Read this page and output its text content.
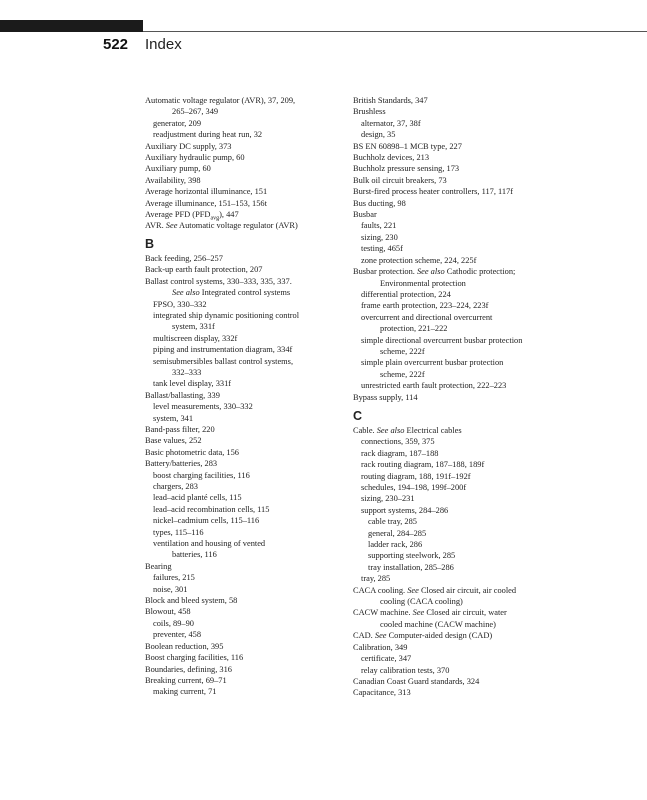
522 Index
Automatic voltage regulator (AVR), 37, 209,
265–267, 349
generator, 209
readjustment during heat run, 32
Auxiliary DC supply, 373
Auxiliary hydraulic pump, 60
Auxiliary pump, 60
Availability, 398
Average horizontal illuminance, 151
Average illuminance, 151–153, 156t
Average PFD $(PFD_{avg})$, 447
AVR. See Automatic voltage regulator (AVR)
B
Back feeding, 256–257
Back-up earth fault protection, 207
Ballast control systems, 330–333, 335, 337.
See also Integrated control systems
FPSO, 330–332
integrated ship dynamic positioning control
system, 331f
multiscreen display, 332f
piping and instrumentation diagram, 334f
semisubmersibles ballast control systems,
332–333
tank level display, 331f
Ballast/ballasting, 339
level measurements, 330–332
system, 341
Band-pass filter, 220
Base values, 252
Basic photometric data, 156
Battery/batteries, 283
boost charging facilities, 116
chargers, 283
lead–acid planté cells, 115
lead–acid recombination cells, 115
nickel–cadmium cells, 115–116
types, 115–116
ventilation and housing of vented
batteries, 116
Bearing
failures, 215
noise, 301
Block and bleed system, 58
Blowout, 458
coils, 89–90
preventer, 458
Boolean reduction, 395
Boost charging facilities, 116
Boundaries, defining, 316
Breaking current, 69–71
making current, 71
British Standards, 347
Brushless
alternator, 37, 38f
design, 35
BS EN 60898–1 MCB type, 227
Buchholz devices, 213
Buchholz pressure sensing, 173
Bulk oil circuit breakers, 73
Burst-fired process heater controllers, 117, 117f
Bus ducting, 98
Busbar
faults, 221
sizing, 230
testing, 465f
zone protection scheme, 224, 225f
Busbar protection. See also Cathodic protection;
Environmental protection
differential protection, 224
frame earth protection, 223–224, 223f
overcurrent and directional overcurrent
protection, 221–222
simple directional overcurrent busbar protection
scheme, 222f
simple plain overcurrent busbar protection
scheme, 222f
unrestricted earth fault protection, 222–223
Bypass supply, 114
C
Cable. See also Electrical cables
connections, 359, 375
rack diagram, 187–188
rack routing diagram, 187–188, 189f
routing diagram, 188, 191f–192f
schedules, 194–198, 199f–200f
sizing, 230–231
support systems, 284–286
cable tray, 285
general, 284–285
ladder rack, 286
supporting steelwork, 285
tray installation, 285–286
tray, 285
CACA cooling. See Closed air circuit, air cooled
cooling (CACA cooling)
CACW machine. See Closed air circuit, water
cooled machine (CACW machine)
CAD. See Computer-aided design (CAD)
Calibration, 349
certificate, 347
relay calibration tests, 370
Canadian Coast Guard standards, 324
Capacitance, 313
